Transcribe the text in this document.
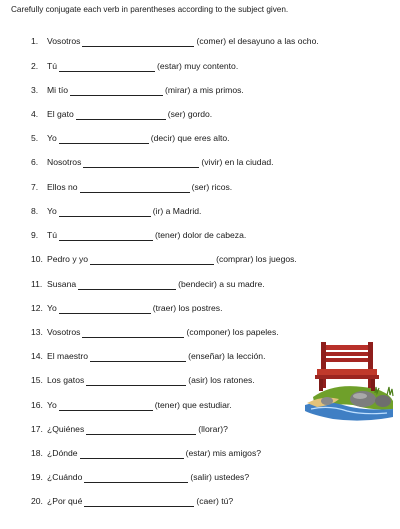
Carefully conjugate each verb in parentheses according to the subject given.
1.	Vosotros	(comer) el desayuno a las ocho.
2.	Tú	(estar) muy contento.
3.	Mi tío	(mirar) a mis primos.
4.	El gato	(ser) gordo.
5.	Yo	(decir) que eres alto.
6.	Nosotros	(vivir) en la ciudad.
7.	Ellos no	(ser) ricos.
8.	Yo	(ir) a Madrid.
9.	Tú	(tener) dolor de cabeza.
10. Pedro y yo	(comprar) los juegos.
11. Susana	(bendecir) a su madre.
12. Yo	(traer) los postres.
13. Vosotros	(componer) los papeles.
14. El maestro	(enseñar) la lección.
15. Los gatos	(asir) los ratones.
16. Yo	(tener) que estudiar.
17. ¿Quiénes	(llorar)?
18. ¿Dónde	(estar) mis amigos?
19. ¿Cuándo	(salir) ustedes?
20. ¿Por qué	(caer) tú?
